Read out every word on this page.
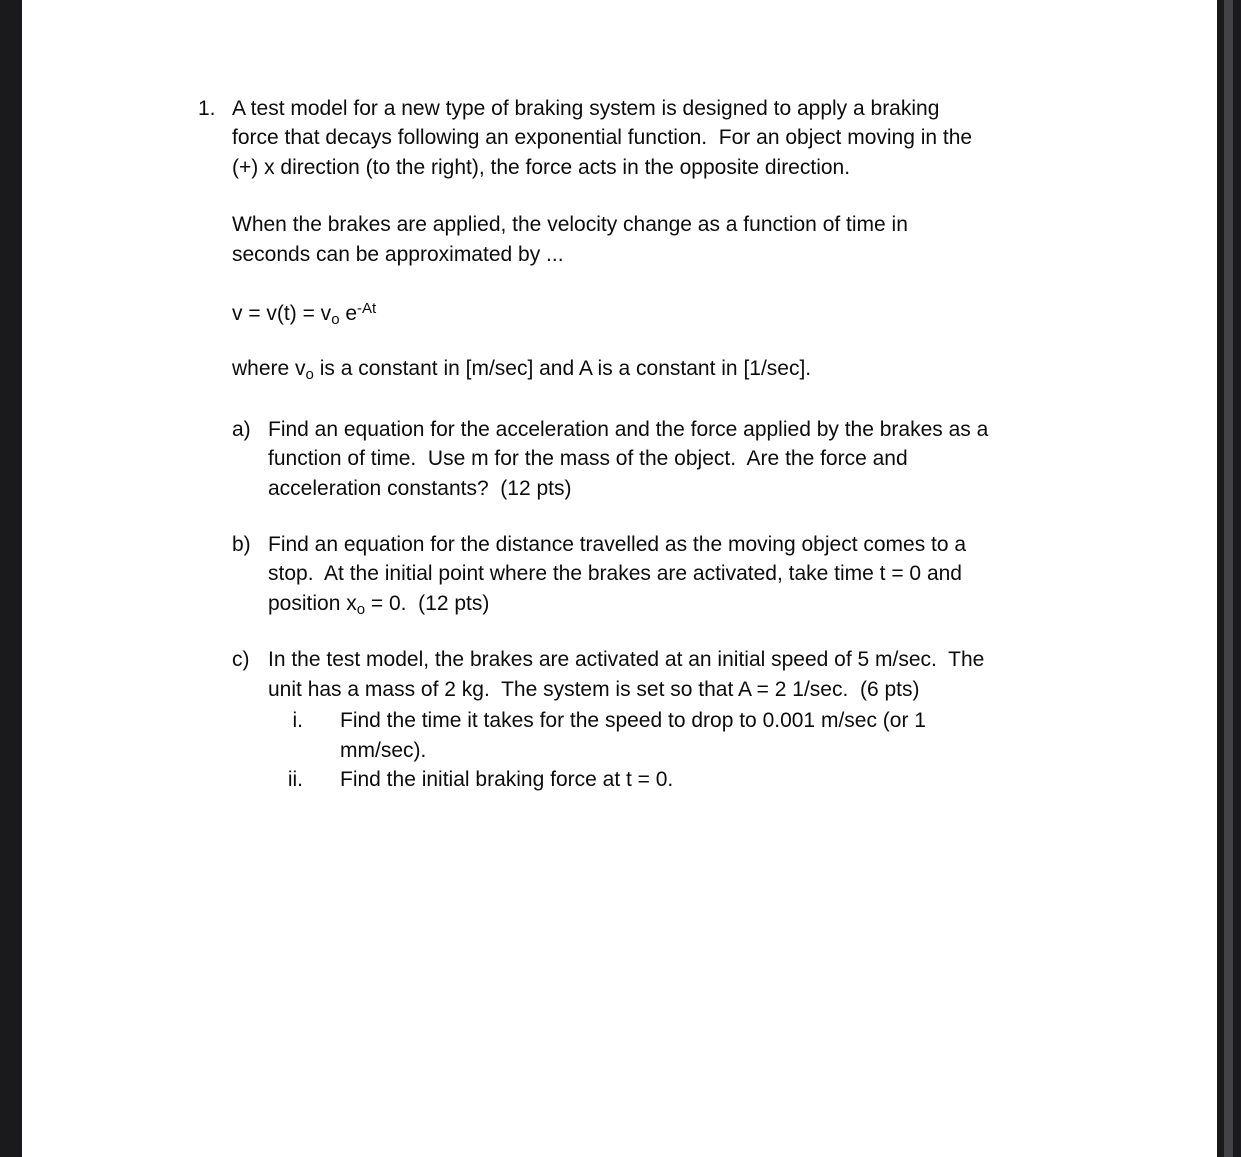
1. A test model for a new type of braking system is designed to apply a braking
force that decays following an exponential function.  For an object moving in the
(+) x direction (to the right), the force acts in the opposite direction.
When the brakes are applied, the velocity change as a function of time in
seconds can be approximated by ...
$v = v(t) = v_o$ $e^{-At}$
where $v_o$ is a constant in [m/sec] and A is a constant in [1/sec].
a) Find an equation for the acceleration and the force applied by the brakes as a
function of time.  Use m for the mass of the object.  Are the force and
acceleration constants?  (12 pts)
b) Find an equation for the distance travelled as the moving object comes to a
stop.  At the initial point where the brakes are activated, take time t = 0 and
position $x_o = 0$.  (12 pts)
c) In the test model, the brakes are activated at an initial speed of 5 m/sec.  The
unit has a mass of 2 kg.  The system is set so that A = 2 1/sec.  (6 pts)
i. Find the time it takes for the speed to drop to 0.001 m/sec (or 1
mm/sec).
ii. Find the initial braking force at t = 0.
